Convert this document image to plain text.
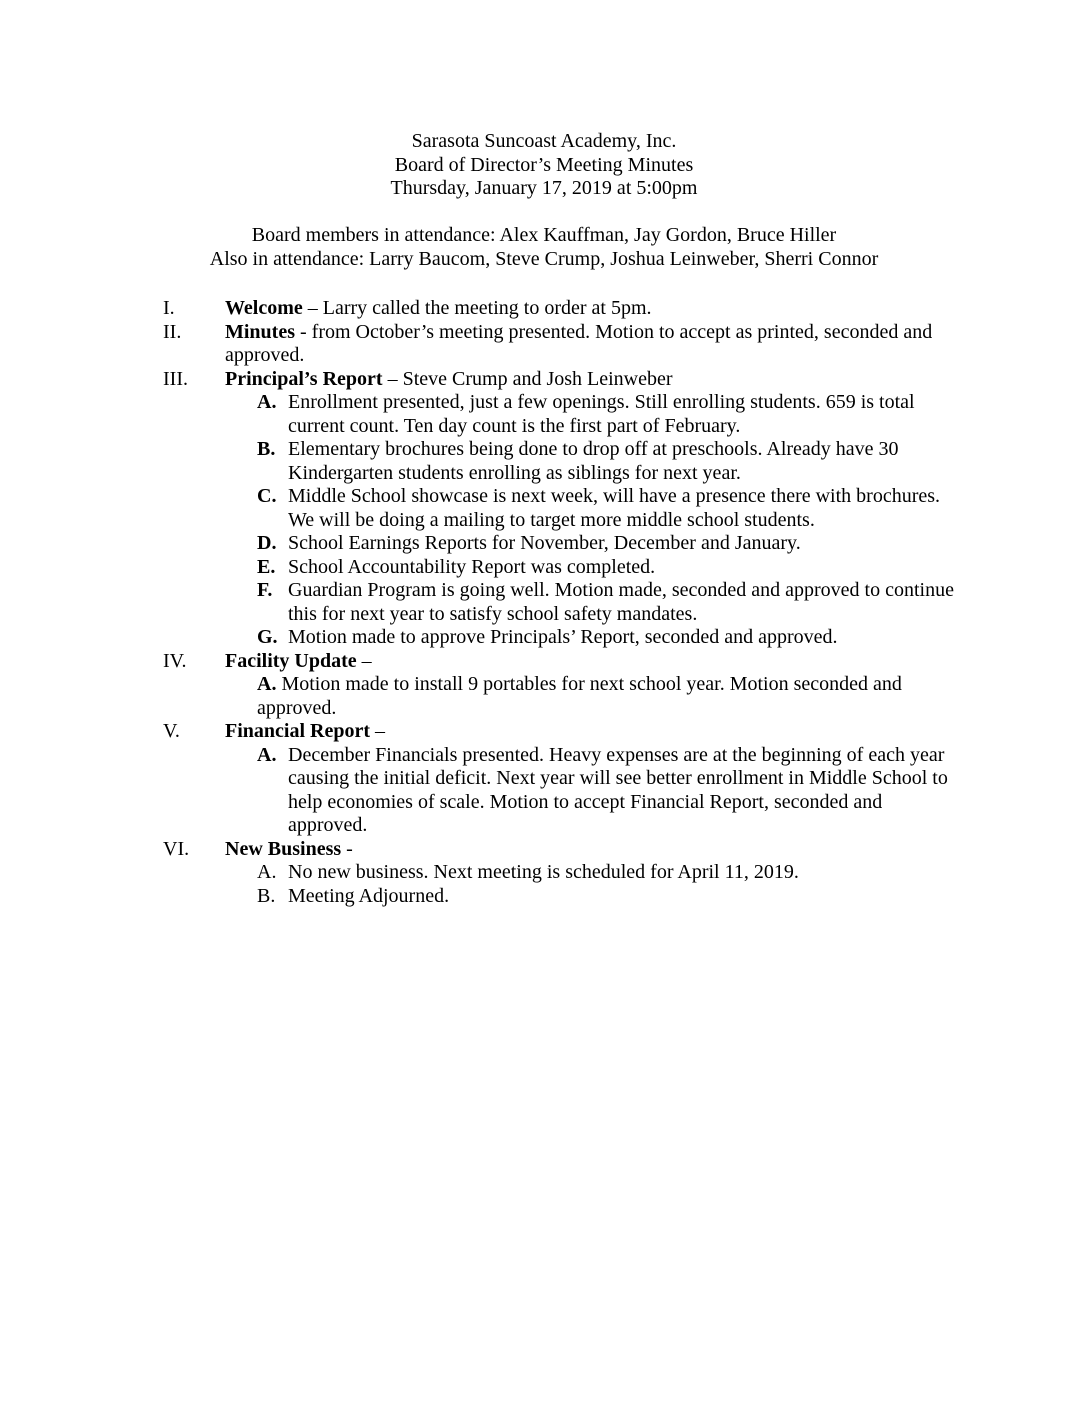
Sarasota Suncoast Academy, Inc.
Board of Director’s Meeting Minutes
Thursday, January 17, 2019 at 5:00pm
Board members in attendance: Alex Kauffman, Jay Gordon, Bruce Hiller
Also in attendance: Larry Baucom, Steve Crump, Joshua Leinweber, Sherri Connor
I.	Welcome – Larry called the meeting to order at 5pm.
II. Minutes - from October’s meeting presented. Motion to accept as printed, seconded and approved.
III. Principal’s Report – Steve Crump and Josh Leinweber
A. Enrollment presented, just a few openings. Still enrolling students. 659 is total current count. Ten day count is the first part of February.
B. Elementary brochures being done to drop off at preschools. Already have 30 Kindergarten students enrolling as siblings for next year.
C. Middle School showcase is next week, will have a presence there with brochures. We will be doing a mailing to target more middle school students.
D. School Earnings Reports for November, December and January.
E. School Accountability Report was completed.
F. Guardian Program is going well. Motion made, seconded and approved to continue this for next year to satisfy school safety mandates.
G. Motion made to approve Principals’ Report, seconded and approved.
IV. Facility Update –
A. Motion made to install 9 portables for next school year. Motion seconded and approved.
V. Financial Report –
A. December Financials presented. Heavy expenses are at the beginning of each year causing the initial deficit. Next year will see better enrollment in Middle School to help economies of scale. Motion to accept Financial Report, seconded and approved.
VI. New Business -
A. No new business. Next meeting is scheduled for April 11, 2019.
B. Meeting Adjourned.
